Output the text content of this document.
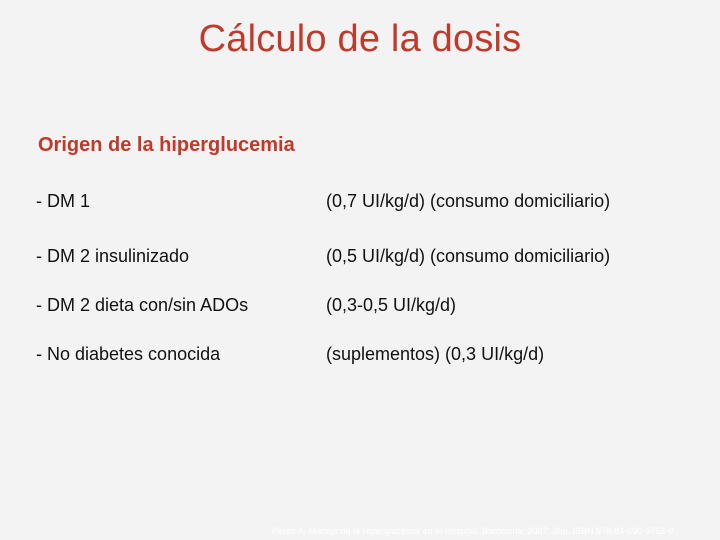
Cálculo de la dosis
Origen de la hiperglucemia
- DM 1	(0,7 UI/kg/d) (consumo domiciliario)
- DM 2 insulinizado	(0,5 UI/kg/d) (consumo domiciliario)
- DM 2 dieta con/sin ADOs	(0,3-0,5 UI/kg/d)
- No diabetes conocida	(suplementos) (0,3 UI/kg/d)
Pérez A. Manejo de la Hiperglucemia en el Hospital. Barcelona: 2007: 35p. ISBN 978-84-690-9752-9
